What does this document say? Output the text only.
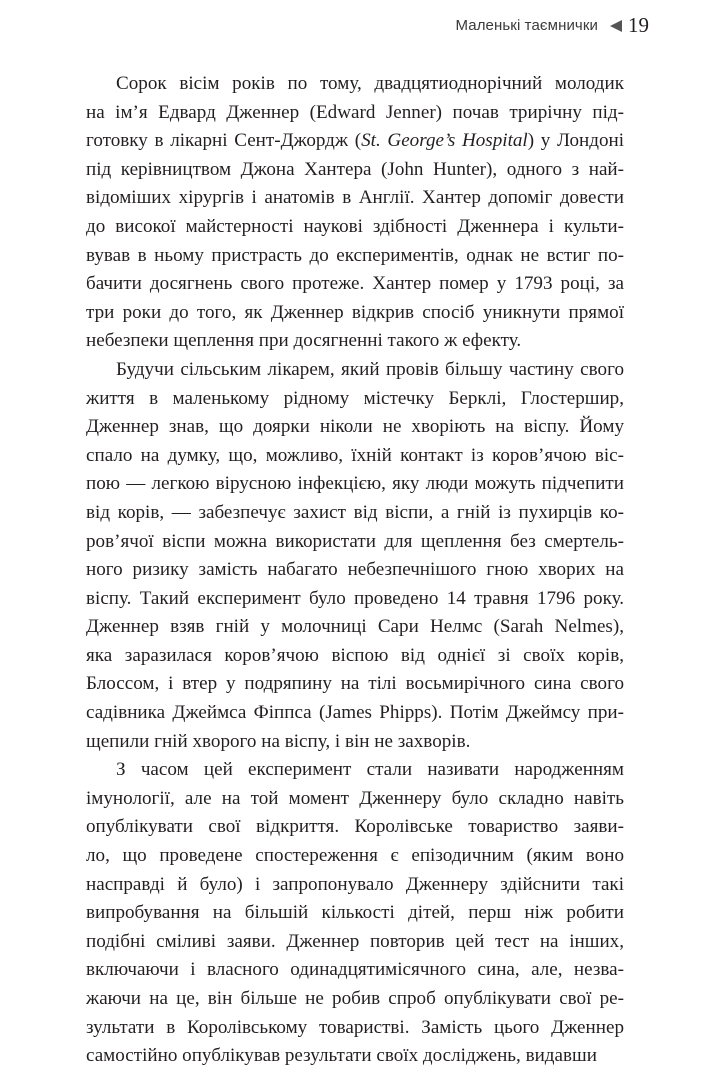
Маленькі таємнички 19

Сорок вісім років по тому, двадцятиоднорічний молодик
на ім’я Едвард Дженнер (Edward Jenner) почав трирічну під-
готовку в лікарні Сент-Джордж (St. George’s Hospital) у Лондоні
під керівництвом Джона Хантера (John Hunter), одного з най-
відоміших хірургів і анатомів в Англії. Хантер допоміг довести
до високої майстерності наукові здібності Дженнера і культи-
вував в ньому пристрасть до експериментів, однак не встиг по-
бачити досягнень свого протеже. Хантер помер у 1793 році, за
три роки до того, як Дженнер відкрив спосіб уникнути прямої
небезпеки щеплення при досягненні такого ж ефекту.

Будучи сільським лікарем, який провів більшу частину свого
життя в маленькому рідному містечку Берклі, Глостершир,
Дженнер знав, що доярки ніколи не хворіють на віспу. Йому
спало на думку, що, можливо, їхній контакт із коров’ячою віс-
пою — легкою вірусною інфекцією, яку люди можуть підчепити
від корів, — забезпечує захист від віспи, а гній із пухирців ко-
ров’ячої віспи можна використати для щеплення без смертель-
ного ризику замість набагато небезпечнішого гною хворих на
віспу. Такий експеримент було проведено 14 травня 1796 року.
Дженнер взяв гній у молочниці Сари Нелмс (Sarah Nelmes),
яка заразилася коров’ячою віспою від однієї зі своїх корів,
Блоссом, і втер у подряпину на тілі восьмирічного сина свого
садівника Джеймса Фіппса (James Phipps). Потім Джеймсу при-
щепили гній хворого на віспу, і він не захворів.

З часом цей експеримент стали називати народженням
імунології, але на той момент Дженнеру було складно навіть
опублікувати свої відкриття. Королівське товариство заяви-
ло, що проведене спостереження є епізодичним (яким воно
насправді й було) і запропонувало Дженнеру здійснити такі
випробування на більшій кількості дітей, перш ніж робити
подібні сміливі заяви. Дженнер повторив цей тест на інших,
включаючи і власного одинадцятимісячного сина, але, незва-
жаючи на це, він більше не робив спроб опублікувати свої ре-
зультати в Королівському товаристві. Замість цього Дженнер
самостійно опублікував результати своїх досліджень, видавши
